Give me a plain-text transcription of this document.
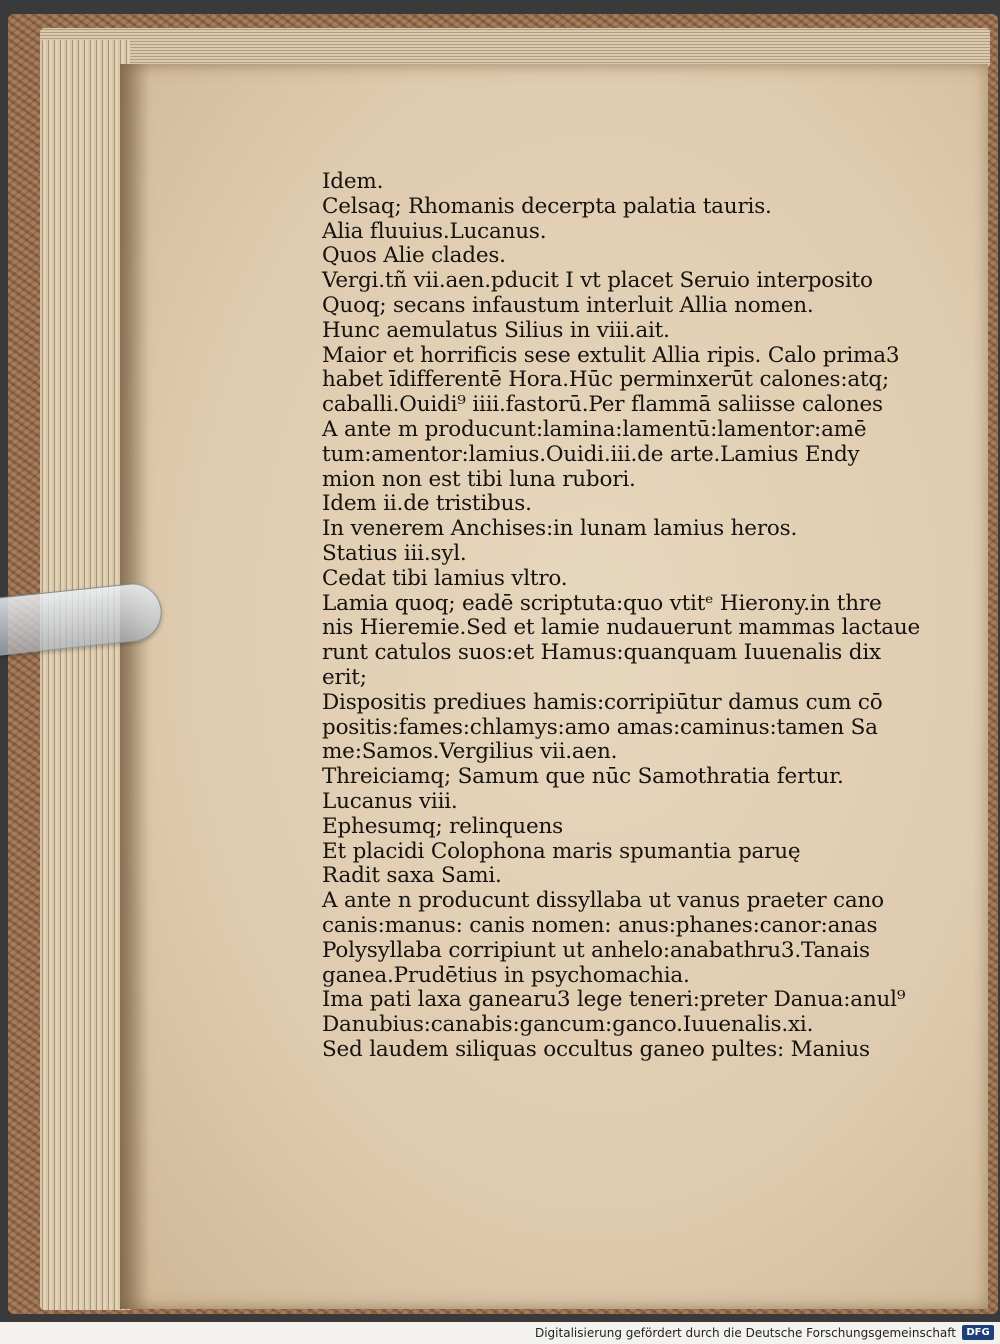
Idem.
Celsaq; Rhomanis decerpta palatia tauris.
Alia fluuius.Lucanus.
Quos Alie clades.
Vergi.tñ vii.aen.pducit I vt placet Seruio interposito
Quoq; secans infaustum interluit Allia nomen.
Hunc aemulatus Silius in viii.ait.
Maior et horrificis sese extulit Allia ripis. Calo prima3
habet īdifferentē Hora.Hūc perminxerūt calones:atq;
caballi.Ouidi⁹ iiii.fastorū.Per flammā saliisse calones
A ante m producunt:lamina:lamentū:lamentor:amē
tum:amentor:lamius.Ouidi.iii.de arte.Lamius Endy
mion non est tibi luna rubori.
Idem ii.de tristibus.
In venerem Anchises:in lunam lamius heros.
Statius iii.syl.
Cedat tibi lamius vltro.
Lamia quoq; eadē scriptuta:quo vtitᵉ Hierony.in thre
nis Hieremie.Sed et lamie nudauerunt mammas lactaue
runt catulos suos:et Hamus:quanquam Iuuenalis dix
erit;
Dispositis prediues hamis:corripiūtur damus cum cō
positis:fames:chlamys:amo amas:caminus:tamen Sa
me:Samos.Vergilius vii.aen.
Threiciamq; Samum que nūc Samothratia fertur.
Lucanus viii.
Ephesumq; relinquens
Et placidi Colophona maris spumantia paruę
Radit saxa Sami.
A ante n producunt dissyllaba ut vanus praeter cano
canis:manus: canis nomen: anus:phanes:canor:anas
Polysyllaba corripiunt ut anhelo:anabathru3.Tanais
ganea.Prudētius in psychomachia.
Ima pati laxa ganearu3 lege teneri:preter Danua:anul⁹
Danubius:canabis:gancum:ganco.Iuuenalis.xi.
Sed laudem siliquas occultus ganeo pultes: Manius
Digitalisierung gefördert durch die Deutsche Forschungsgemeinschaft	DFG
